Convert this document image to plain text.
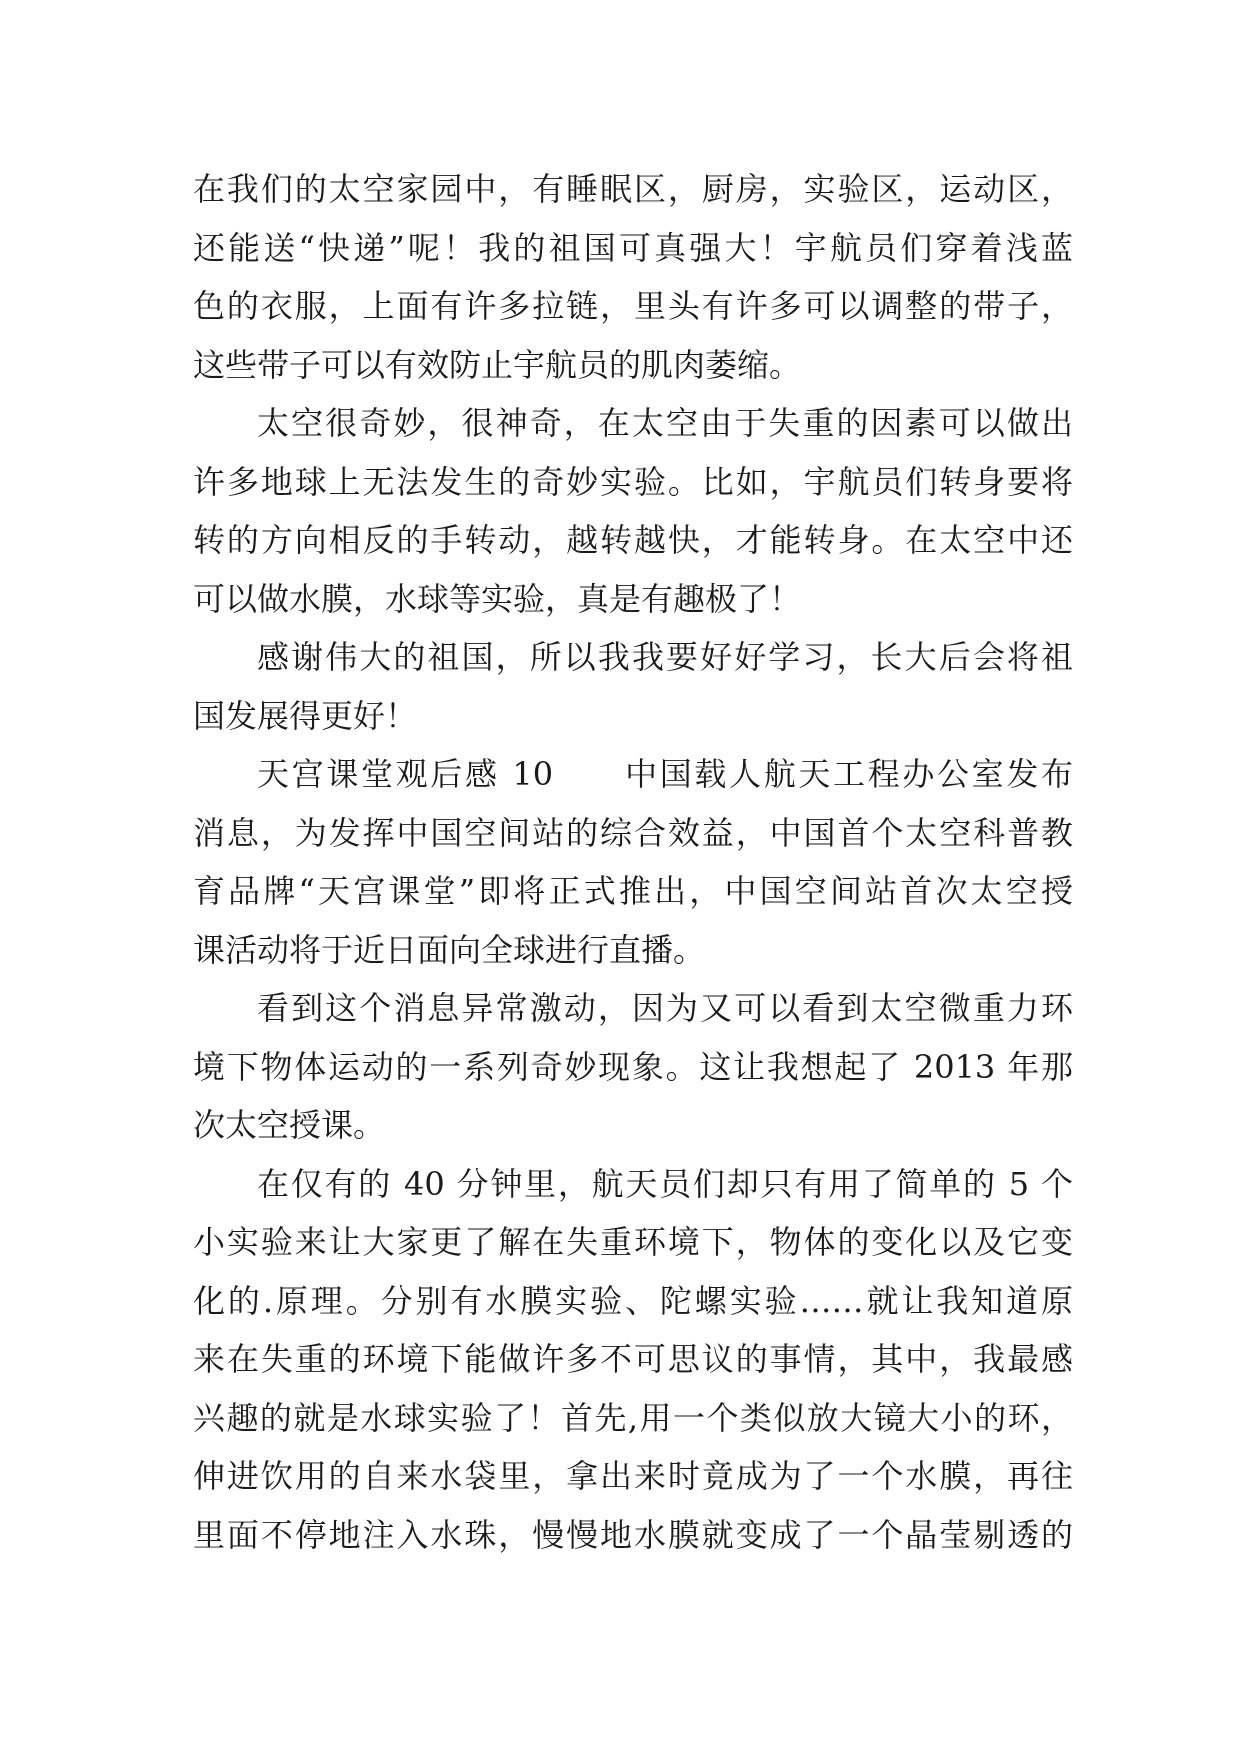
在我们的太空家园中，有睡眠区，厨房，实验区，运动区，
还能送“快递”呢！我的祖国可真强大！宇航员们穿着浅蓝
色的衣服，上面有许多拉链，里头有许多可以调整的带子，
这些带子可以有效防止宇航员的肌肉萎缩。
太空很奇妙，很神奇，在太空由于失重的因素可以做出
许多地球上无法发生的奇妙实验。比如，宇航员们转身要将
转的方向相反的手转动，越转越快，才能转身。在太空中还
可以做水膜，水球等实验，真是有趣极了！
感谢伟大的祖国，所以我我要好好学习，长大后会将祖
国发展得更好！
天宫课堂观后感 10　　中国载人航天工程办公室发布
消息，为发挥中国空间站的综合效益，中国首个太空科普教
育品牌“天宫课堂”即将正式推出，中国空间站首次太空授
课活动将于近日面向全球进行直播。
看到这个消息异常激动，因为又可以看到太空微重力环
境下物体运动的一系列奇妙现象。这让我想起了 2013 年那
次太空授课。
在仅有的 40 分钟里，航天员们却只有用了简单的 5 个
小实验来让大家更了解在失重环境下，物体的变化以及它变
化的.原理。分别有水膜实验、陀螺实验……就让我知道原
来在失重的环境下能做许多不可思议的事情，其中，我最感
兴趣的就是水球实验了！首先,用一个类似放大镜大小的环，
伸进饮用的自来水袋里，拿出来时竟成为了一个水膜，再往
里面不停地注入水珠，慢慢地水膜就变成了一个晶莹剔透的
